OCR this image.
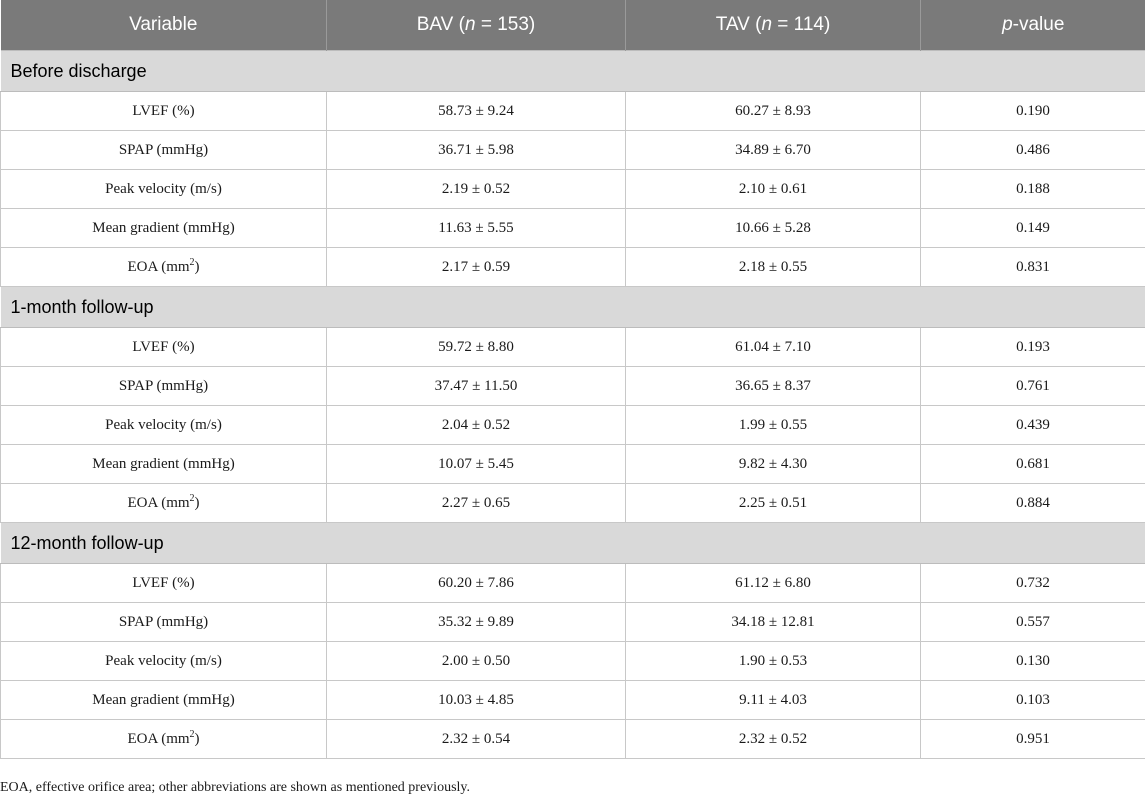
Variable	BAV (n = 153)	TAV (n = 114)	p-value
Before discharge			
LVEF (%)	58.73 ± 9.24	60.27 ± 8.93	0.190
SPAP (mmHg)	36.71 ± 5.98	34.89 ± 6.70	0.486
Peak velocity (m/s)	2.19 ± 0.52	2.10 ± 0.61	0.188
Mean gradient (mmHg)	11.63 ± 5.55	10.66 ± 5.28	0.149
EOA $(mm^2)$	2.17 ± 0.59	2.18 ± 0.55	0.831
1-month follow-up			
LVEF (%)	59.72 ± 8.80	61.04 ± 7.10	0.193
SPAP (mmHg)	37.47 ± 11.50	36.65 ± 8.37	0.761
Peak velocity (m/s)	2.04 ± 0.52	1.99 ± 0.55	0.439
Mean gradient (mmHg)	10.07 ± 5.45	9.82 ± 4.30	0.681
EOA $(mm^2)$	2.27 ± 0.65	2.25 ± 0.51	0.884
12-month follow-up			
LVEF (%)	60.20 ± 7.86	61.12 ± 6.80	0.732
SPAP (mmHg)	35.32 ± 9.89	34.18 ± 12.81	0.557
Peak velocity (m/s)	2.00 ± 0.50	1.90 ± 0.53	0.130
Mean gradient (mmHg)	10.03 ± 4.85	9.11 ± 4.03	0.103
EOA $(mm^2)$	2.32 ± 0.54	2.32 ± 0.52	0.951

EOA, effective orifice area; other abbreviations are shown as mentioned previously.
